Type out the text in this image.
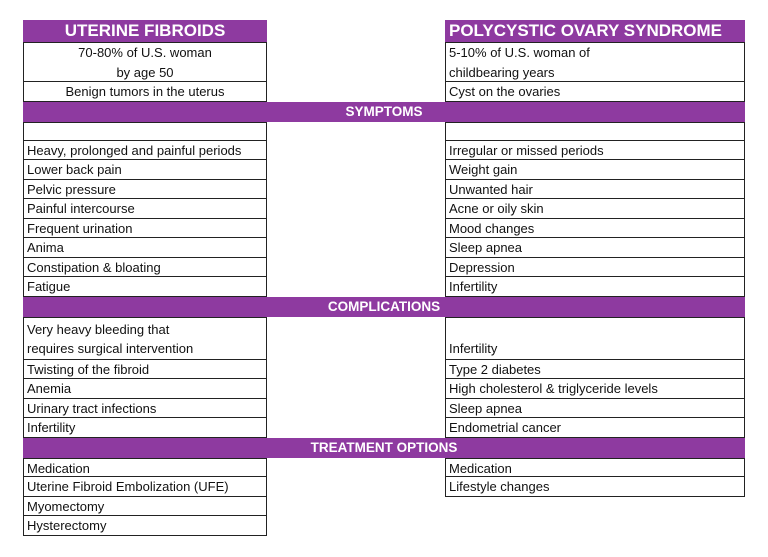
UTERINE FIBROIDS
70-80% of U.S. woman
by age 50
Benign tumors in the uterus
POLYCYSTIC OVARY SYNDROME
5-10% of U.S. woman of
childbearing years
Cyst on the ovaries
SYMPTOMS
Heavy, prolonged and painful periods
Lower back pain
Pelvic pressure
Painful intercourse
Frequent urination
Anima
Constipation & bloating
Fatigue
Irregular or missed periods
Weight gain
Unwanted hair
Acne or oily skin
Mood changes
Sleep apnea
Depression
Infertility
COMPLICATIONS
Very heavy bleeding that
requires surgical intervention
Twisting of the fibroid
Anemia
Urinary tract infections
Infertility
Infertility
Type 2 diabetes
High cholesterol & triglyceride levels
Sleep apnea
Endometrial cancer
TREATMENT OPTIONS
Medication
Uterine Fibroid Embolization (UFE)
Myomectomy
Hysterectomy
Medication
Lifestyle changes
